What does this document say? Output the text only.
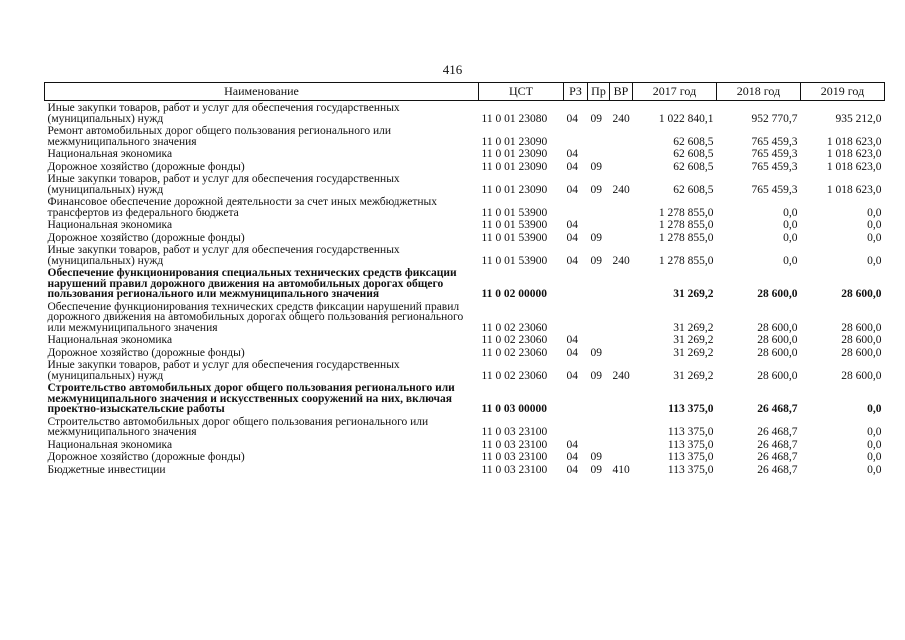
416
Наименование	ЦСТ	РЗ	Пр	ВР	2017 год	2018 год	2019 год
Иные закупки товаров, работ и услуг для обеспечения государственных (муниципальных) нужд	11 0 01 23080	04	09	240	1 022 840,1	952 770,7	935 212,0
Ремонт автомобильных дорог общего пользования регионального или межмуниципального значения	11 0 01 23090				62 608,5	765 459,3	1 018 623,0
Национальная экономика	11 0 01 23090	04			62 608,5	765 459,3	1 018 623,0
Дорожное хозяйство (дорожные фонды)	11 0 01 23090	04	09		62 608,5	765 459,3	1 018 623,0
Иные закупки товаров, работ и услуг для обеспечения государственных (муниципальных) нужд	11 0 01 23090	04	09	240	62 608,5	765 459,3	1 018 623,0
Финансовое обеспечение дорожной деятельности за счет иных межбюджетных трансфертов из федерального бюджета	11 0 01 53900				1 278 855,0	0,0	0,0
Национальная экономика	11 0 01 53900	04			1 278 855,0	0,0	0,0
Дорожное хозяйство (дорожные фонды)	11 0 01 53900	04	09		1 278 855,0	0,0	0,0
Иные закупки товаров, работ и услуг для обеспечения государственных (муниципальных) нужд	11 0 01 53900	04	09	240	1 278 855,0	0,0	0,0
Обеспечение функционирования специальных технических средств фиксации нарушений правил дорожного движения на автомобильных дорогах общего пользования регионального или межмуниципального значения	11 0 02 00000				31 269,2	28 600,0	28 600,0
Обеспечение функционирования технических средств фиксации нарушений правил дорожного движения на автомобильных дорогах общего пользования регионального или межмуниципального значения	11 0 02 23060				31 269,2	28 600,0	28 600,0
Национальная экономика	11 0 02 23060	04			31 269,2	28 600,0	28 600,0
Дорожное хозяйство (дорожные фонды)	11 0 02 23060	04	09		31 269,2	28 600,0	28 600,0
Иные закупки товаров, работ и услуг для обеспечения государственных (муниципальных) нужд	11 0 02 23060	04	09	240	31 269,2	28 600,0	28 600,0
Строительство автомобильных дорог общего пользования регионального или межмуниципального значения и искусственных сооружений на них, включая проектно-изыскательские работы	11 0 03 00000				113 375,0	26 468,7	0,0
Строительство автомобильных дорог общего пользования регионального или межмуниципального значения	11 0 03 23100				113 375,0	26 468,7	0,0
Национальная экономика	11 0 03 23100	04			113 375,0	26 468,7	0,0
Дорожное хозяйство (дорожные фонды)	11 0 03 23100	04	09		113 375,0	26 468,7	0,0
Бюджетные инвестиции	11 0 03 23100	04	09	410	113 375,0	26 468,7	0,0
